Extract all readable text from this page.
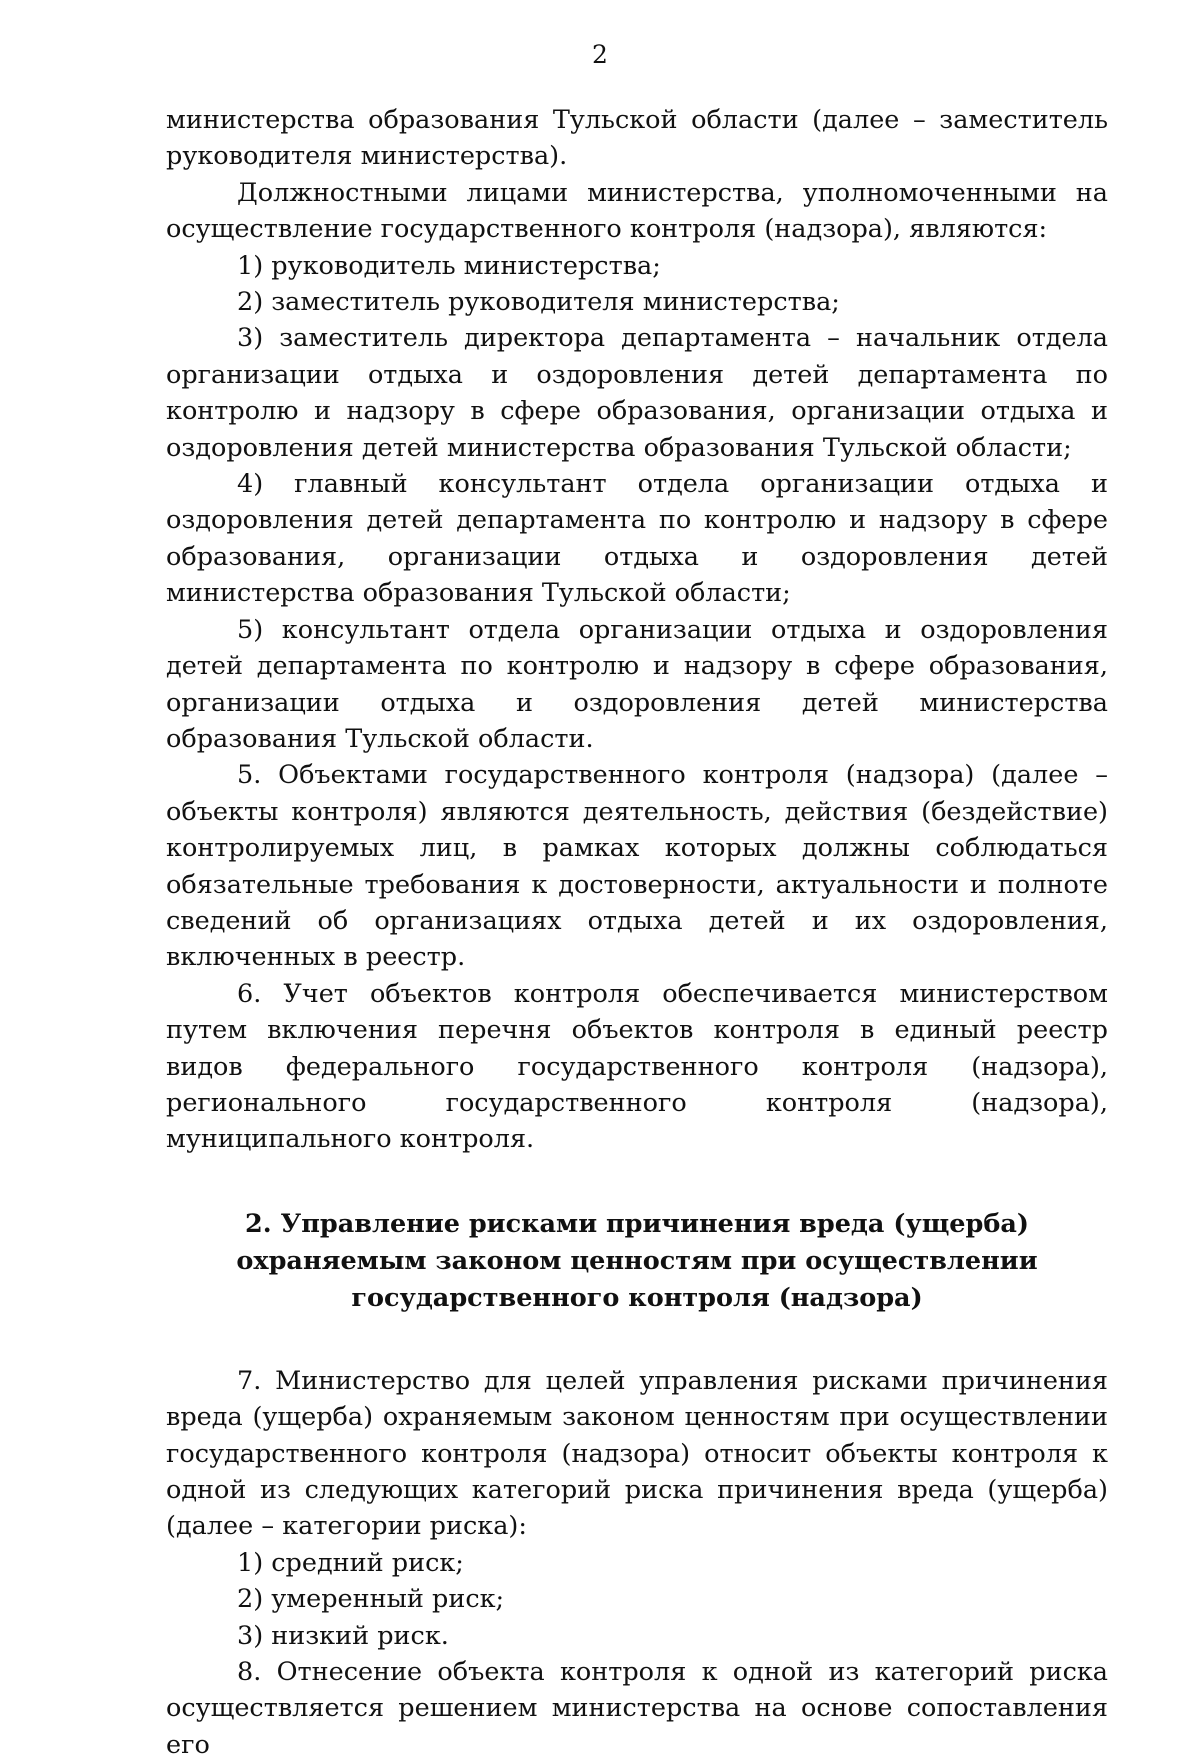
2

министерства образования Тульской области (далее – заместитель руководителя министерства).

Должностными лицами министерства, уполномоченными на осуществление государственного контроля (надзора), являются:

1) руководитель министерства;

2) заместитель руководителя министерства;

3) заместитель директора департамента – начальник отдела организации отдыха и оздоровления детей департамента по контролю и надзору в сфере образования, организации отдыха и оздоровления детей министерства образования Тульской области;

4) главный консультант отдела организации отдыха и оздоровления детей департамента по контролю и надзору в сфере образования, организации отдыха и оздоровления детей министерства образования Тульской области;

5) консультант отдела организации отдыха и оздоровления детей департамента по контролю и надзору в сфере образования, организации отдыха и оздоровления детей министерства образования Тульской области.

5. Объектами государственного контроля (надзора) (далее – объекты контроля) являются деятельность, действия (бездействие) контролируемых лиц, в рамках которых должны соблюдаться обязательные требования к достоверности, актуальности и полноте сведений об организациях отдыха детей и их оздоровления, включенных в реестр.

6. Учет объектов контроля обеспечивается министерством путем включения перечня объектов контроля в единый реестр видов федерального государственного контроля (надзора), регионального государственного контроля (надзора), муниципального контроля.

2. Управление рисками причинения вреда (ущерба)
охраняемым законом ценностям при осуществлении
государственного контроля (надзора)

7. Министерство для целей управления рисками причинения вреда (ущерба) охраняемым законом ценностям при осуществлении государственного контроля (надзора) относит объекты контроля к одной из следующих категорий риска причинения вреда (ущерба) (далее – категории риска):

1) средний риск;

2) умеренный риск;

3) низкий риск.

8. Отнесение объекта контроля к одной из категорий риска осуществляется решением министерства на основе сопоставления его
